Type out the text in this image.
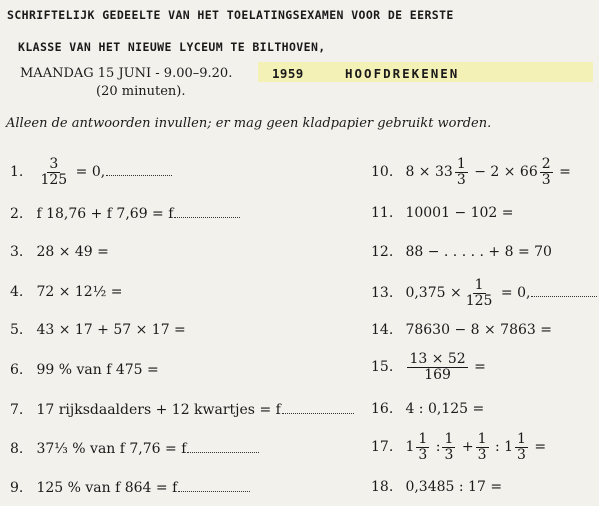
SCHRIFTELIJK GEDEELTE VAN HET TOELATINGSEXAMEN VOOR DE EERSTE
KLASSE VAN HET NIEUWE LYCEUM TE BILTHOVEN,
MAANDAG 15 JUNI - 9.00–9.20.	1959	HOOFDREKENEN
(20 minuten).
Alleen de antwoorden invullen; er mag geen kladpapier gebruikt worden.
1. $\frac{3}{125} = 0$,
2. f 18,76 + f 7,69 = f
3. 28 × 49 =
4. 72 × 12½ =
5. 43 × 17 + 57 × 17 =
6. 99 % van f 475 =
7. 17 rijksdaalders + 12 kwartjes = f
8. 37⅓ % van f 7,76 = f
9. 125 % van f 864 = f
10. $8 \times 33 \frac{1}{3} - 2 \times 66 \frac{2}{3}$ =
11. 10001 − 102 =
12. 88 − . . . . . + 8 = 70
13. $0,375 \times \frac{1}{125} = 0$,
14. 78630 − 8 × 7863 =
15. $\frac{13 \times 52}{169}$ =
16. 4 : 0,125 =
17. $1 \frac{1}{3}$ : $\frac{1}{3} + \frac{1}{3}$ : $1 \frac{1}{3}$ =
18. 0,3485 : 17 =
